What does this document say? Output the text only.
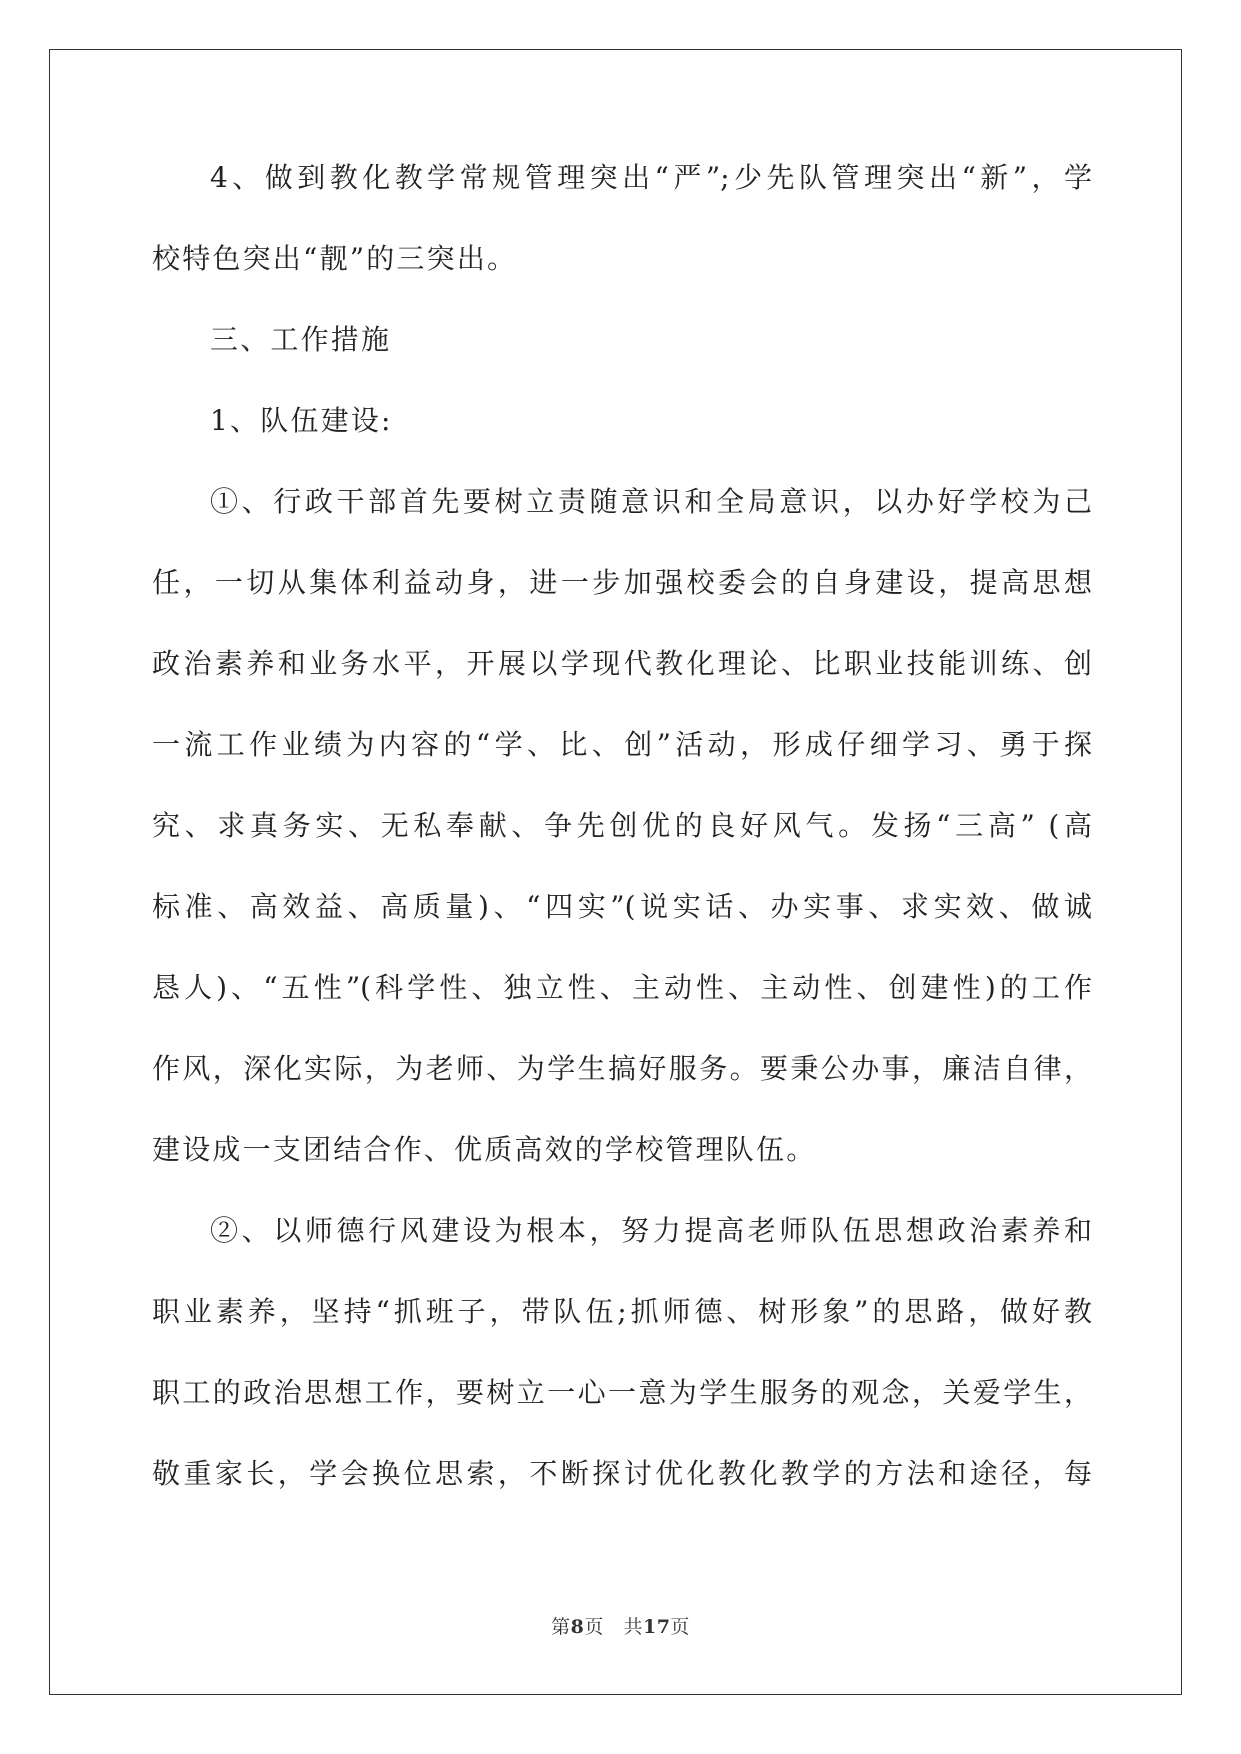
4、做到教化教学常规管理突出“严”;少先队管理突出“新”，学
校特色突出“靓”的三突出。
三、工作措施
1、队伍建设:
①、行政干部首先要树立责随意识和全局意识，以办好学校为己
任，一切从集体利益动身，进一步加强校委会的自身建设，提高思想
政治素养和业务水平，开展以学现代教化理论、比职业技能训练、创
一流工作业绩为内容的“学、比、创”活动，形成仔细学习、勇于探
究、求真务实、无私奉献、争先创优的良好风气。发扬“三高” (高
标准、高效益、高质量)、“四实”(说实话、办实事、求实效、做诚
恳人)、“五性”(科学性、独立性、主动性、主动性、创建性)的工作
作风，深化实际，为老师、为学生搞好服务。要秉公办事，廉洁自律，
建设成一支团结合作、优质高效的学校管理队伍。
②、以师德行风建设为根本，努力提高老师队伍思想政治素养和
职业素养，坚持“抓班子，带队伍;抓师德、树形象”的思路，做好教
职工的政治思想工作，要树立一心一意为学生服务的观念，关爱学生，
敬重家长，学会换位思索，不断探讨优化教化教学的方法和途径，每
第8页 共17页
